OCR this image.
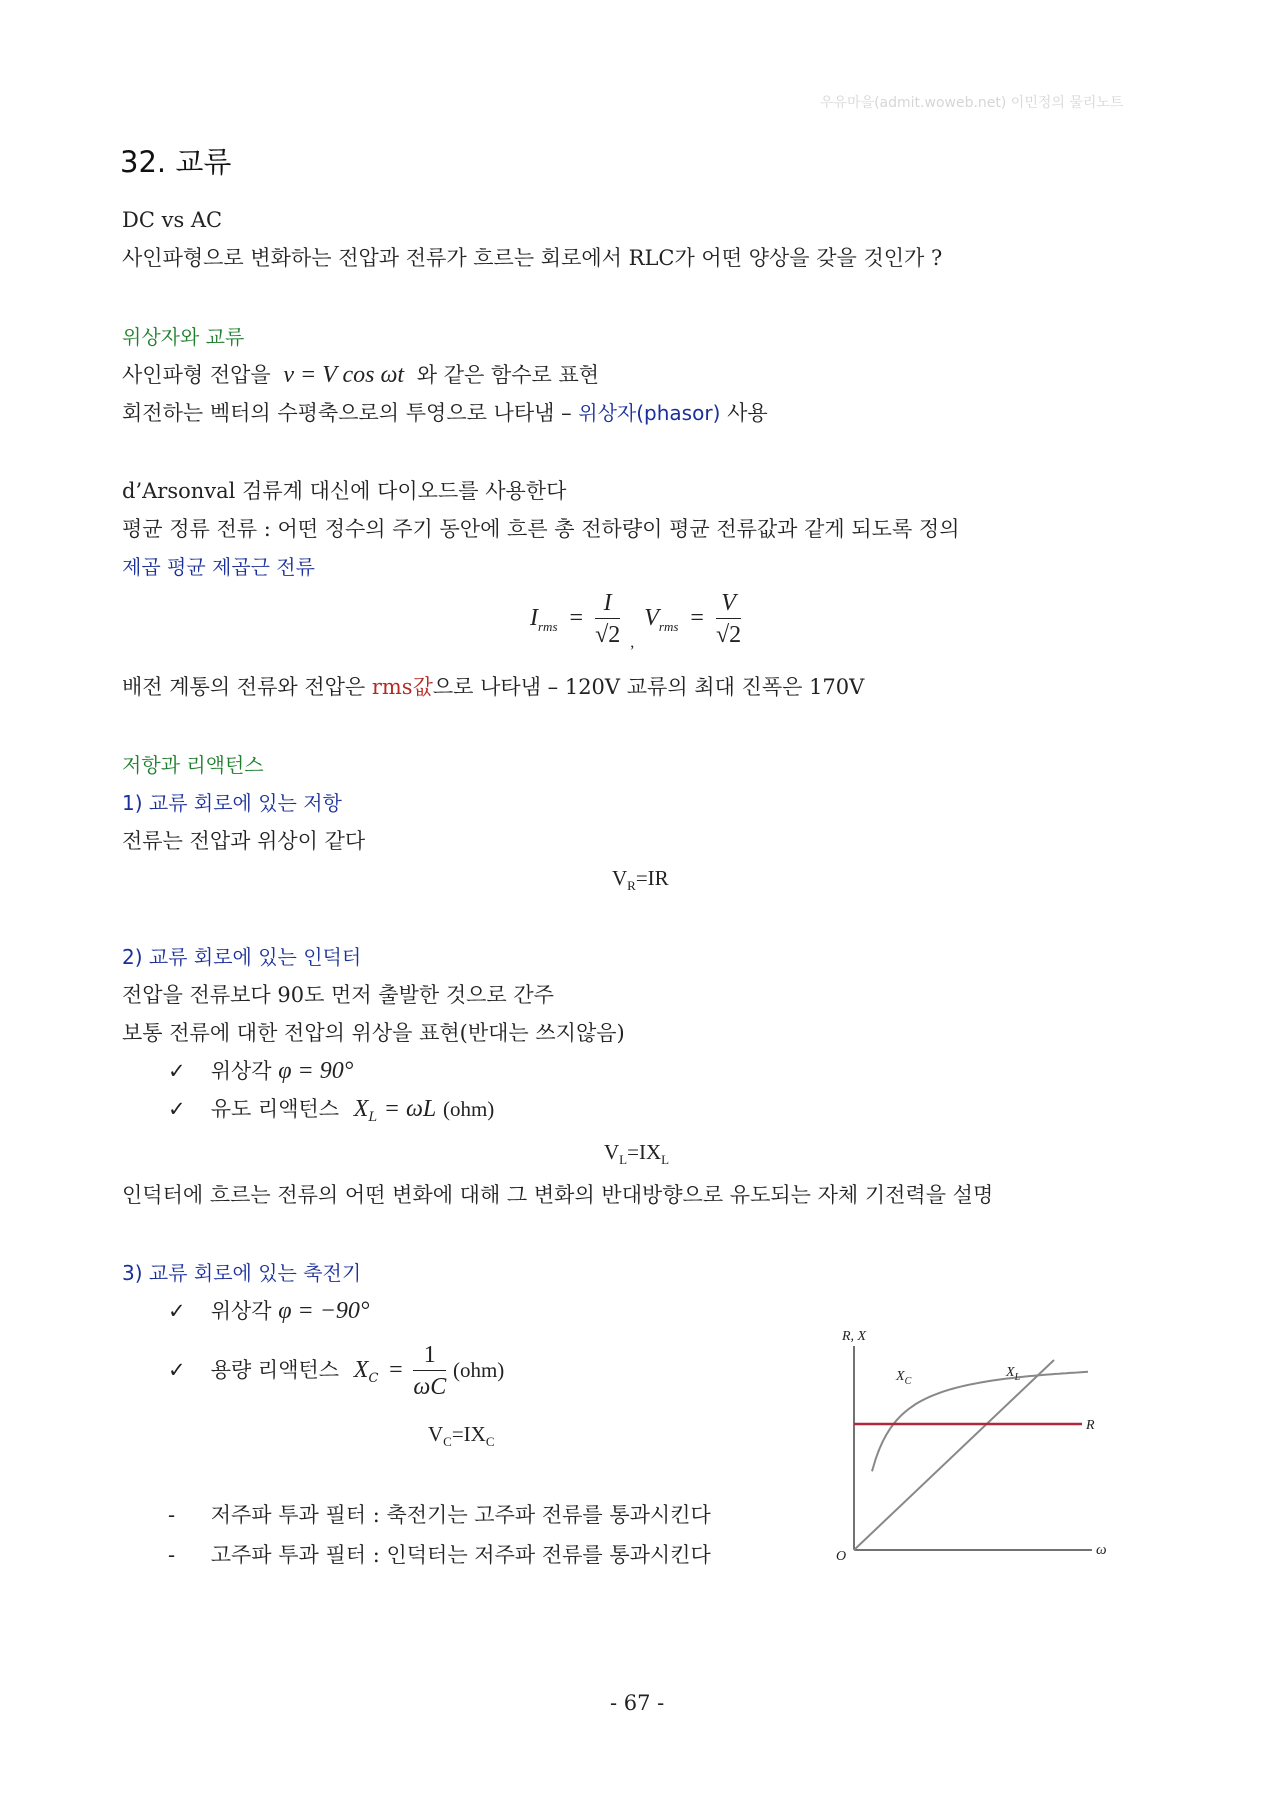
우유마을(admit.woweb.net) 이민정의 물리노트
32. 교류
DC vs AC
사인파형으로 변화하는 전압과 전류가 흐르는 회로에서 RLC가 어떤 양상을 갖을 것인가 ?
위상자와 교류
사인파형 전압을 v = V cos ωt 와 같은 함수로 표현
회전하는 벡터의 수평축으로의 투영으로 나타냄 – 위상자(phasor) 사용
d’Arsonval 검류계 대신에 다이오드를 사용한다
평균 정류 전류 : 어떤 정수의 주기 동안에 흐른 총 전하량이 평균 전류값과 같게 되도록 정의
제곱 평균 제곱근 전류
$I_{rms} = \frac{I}{√2} _,$ $V_{rms} = \frac{V}{√2}$
배전 계통의 전류와 전압은 rms값으로 나타냄 – 120V 교류의 최대 진폭은 170V
저항과 리액턴스
1) 교류 회로에 있는 저항
전류는 전압과 위상이 같다
$V_R=IR$
2) 교류 회로에 있는 인덕터
전압을 전류보다 90도 먼저 출발한 것으로 간주
보통 전류에 대한 전압의 위상을 표현(반대는 쓰지않음)
✓ 위상각 φ = 90°
✓ 유도 리액턴스 $X_L = \omega L$ (ohm)
$V_L=IX_L$
인덕터에 흐르는 전류의 어떤 변화에 대해 그 변화의 반대방향으로 유도되는 자체 기전력을 설명
3) 교류 회로에 있는 축전기
✓ 위상각 φ = −90°
✓ 용량 리액턴스 $X_C = \frac{1}{\omega C} (ohm)$
$V_C=IX_C$
- 저주파 투과 필터 : 축전기는 고주파 전류를 통과시킨다
- 고주파 투과 필터 : 인덕터는 저주파 전류를 통과시킨다
R, X
O	ω
$X_C$
$X_L$
R
- 67 -
